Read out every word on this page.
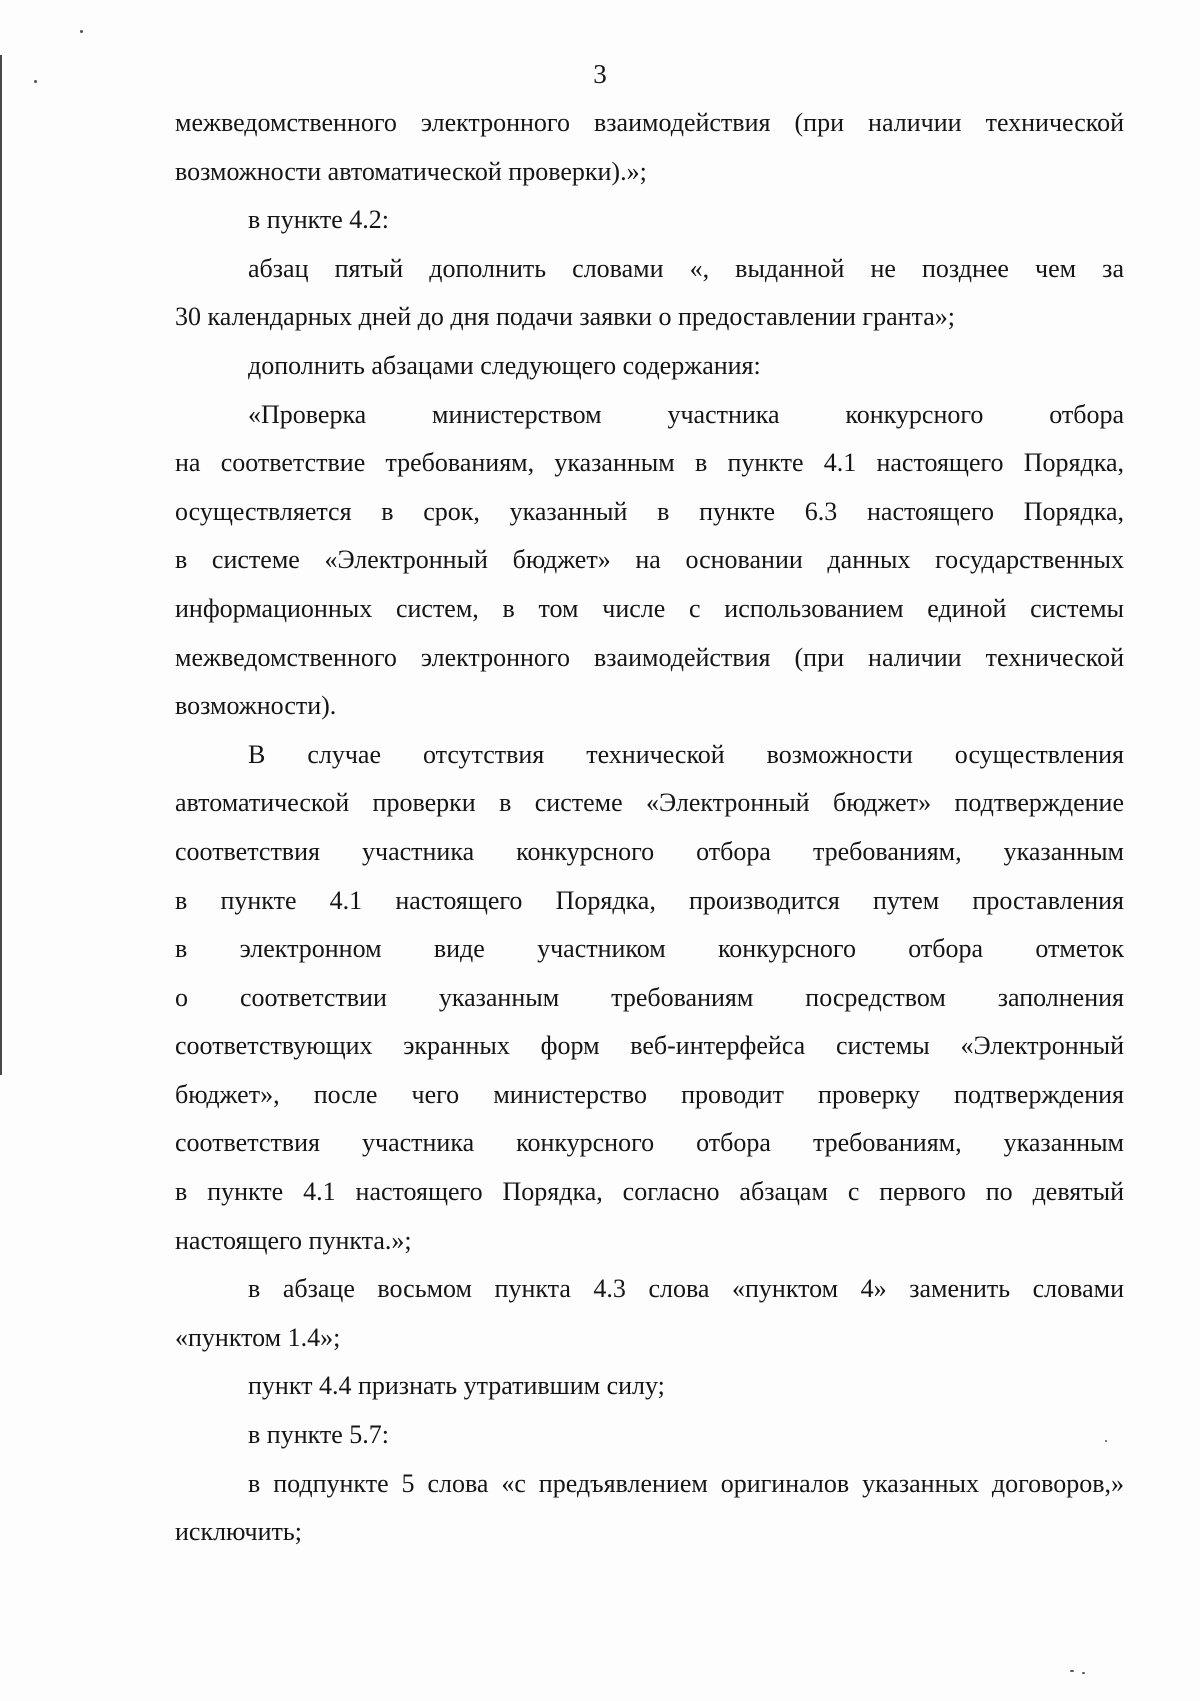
3
межведомственного электронного взаимодействия (при наличии технической
возможности автоматической проверки).»;
в пункте 4.2:
абзац пятый дополнить словами «, выданной не позднее чем за
30 календарных дней до дня подачи заявки о предоставлении гранта»;
дополнить абзацами следующего содержания:
«Проверка министерством участника конкурсного отбора
на соответствие требованиям, указанным в пункте 4.1 настоящего Порядка,
осуществляется в срок, указанный в пункте 6.3 настоящего Порядка,
в системе «Электронный бюджет» на основании данных государственных
информационных систем, в том числе с использованием единой системы
межведомственного электронного взаимодействия (при наличии технической
возможности).
В случае отсутствия технической возможности осуществления
автоматической проверки в системе «Электронный бюджет» подтверждение
соответствия участника конкурсного отбора требованиям, указанным
в пункте 4.1 настоящего Порядка, производится путем проставления
в электронном виде участником конкурсного отбора отметок
о соответствии указанным требованиям посредством заполнения
соответствующих экранных форм веб-интерфейса системы «Электронный
бюджет», после чего министерство проводит проверку подтверждения
соответствия участника конкурсного отбора требованиям, указанным
в пункте 4.1 настоящего Порядка, согласно абзацам с первого по девятый
настоящего пункта.»;
в абзаце восьмом пункта 4.3 слова «пунктом 4» заменить словами
«пунктом 1.4»;
пункт 4.4 признать утратившим силу;
в пункте 5.7:
в подпункте 5 слова «с предъявлением оригиналов указанных договоров,»
исключить;
